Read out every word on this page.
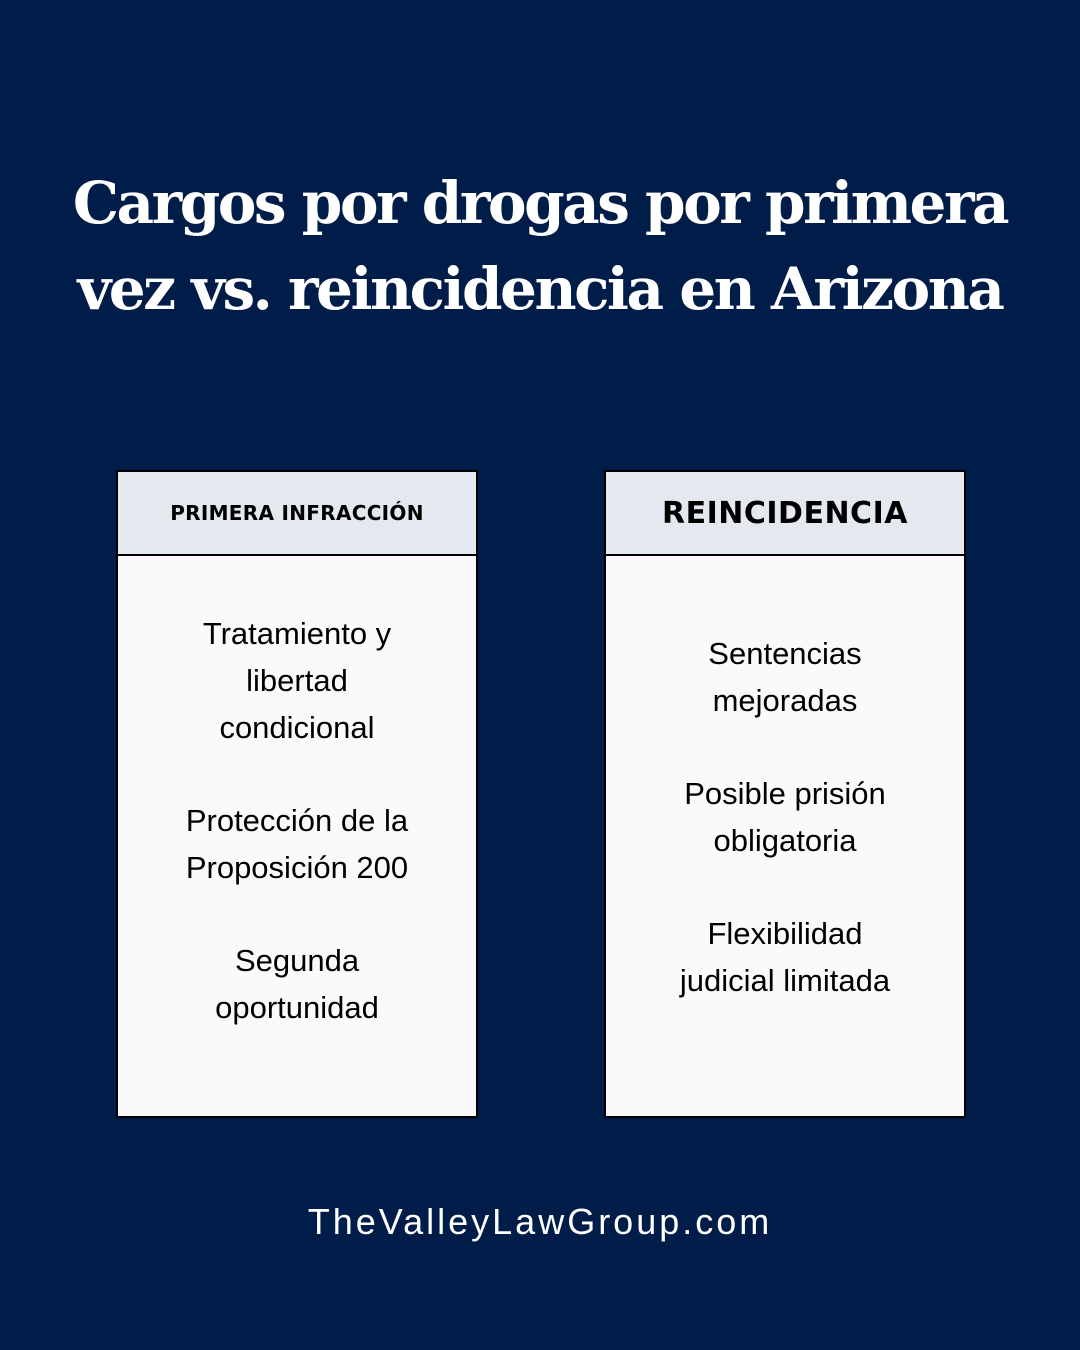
Cargos por drogas por primera
vez vs. reincidencia en Arizona
PRIMERA INFRACCIÓN
Tratamiento y
libertad
condicional
Protección de la
Proposición 200
Segunda
oportunidad
REINCIDENCIA
Sentencias
mejoradas
Posible prisión
obligatoria
Flexibilidad
judicial limitada
TheValleyLawGroup.com
